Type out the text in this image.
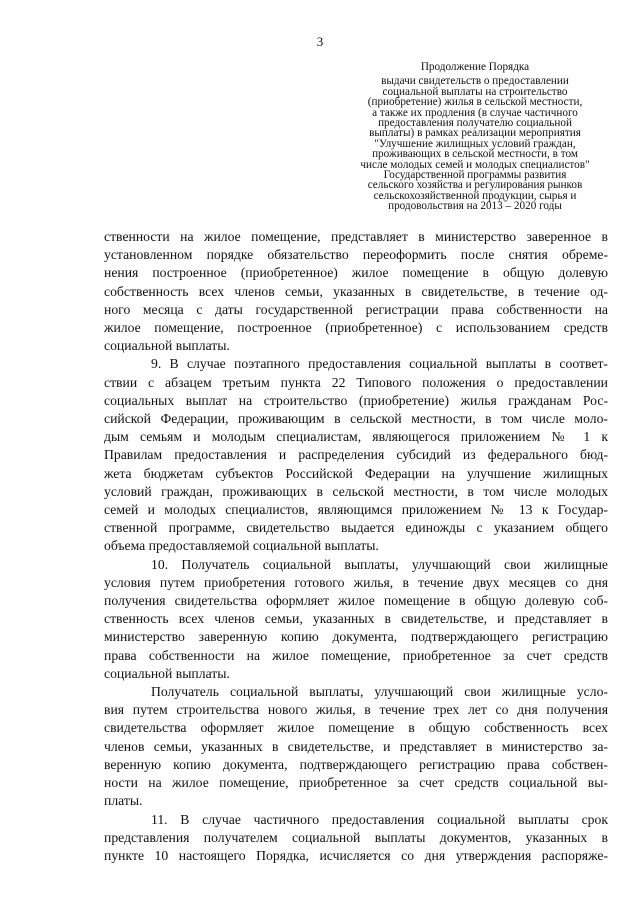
3
Продолжение Порядка
выдачи свидетельств о предоставлении
социальной выплаты на строительство
(приобретение) жилья в сельской местности,
а также их продления (в случае частичного
предоставления получателю социальной
выплаты) в рамках реализации мероприятия
"Улучшение жилищных условий граждан,
проживающих в сельской местности, в том
числе молодых семей и молодых специалистов"
Государственной программы развития
сельского хозяйства и регулирования рынков
сельскохозяйственной продукции, сырья и
продовольствия на 2013 – 2020 годы

ственности на жилое помещение, представляет в министерство заверенное в
установленном порядке обязательство переоформить после снятия обреме-
нения построенное (приобретенное) жилое помещение в общую долевую
собственность всех членов семьи, указанных в свидетельстве, в течение од-
ного месяца с даты государственной регистрации права собственности на
жилое помещение, построенное (приобретенное) с использованием средств
социальной выплаты.

9. В случае поэтапного предоставления социальной выплаты в соответ-
ствии с абзацем третьим пункта 22 Типового положения о предоставлении
социальных выплат на строительство (приобретение) жилья гражданам Рос-
сийской Федерации, проживающим в сельской местности, в том числе моло-
дым семьям и молодым специалистам, являющегося приложением № 1 к
Правилам предоставления и распределения субсидий из федерального бюд-
жета бюджетам субъектов Российской Федерации на улучшение жилищных
условий граждан, проживающих в сельской местности, в том числе молодых
семей и молодых специалистов, являющимся приложением № 13 к Государ-
ственной программе, свидетельство выдается единожды с указанием общего
объема предоставляемой социальной выплаты.

10. Получатель социальной выплаты, улучшающий свои жилищные
условия путем приобретения готового жилья, в течение двух месяцев со дня
получения свидетельства оформляет жилое помещение в общую долевую соб-
ственность всех членов семьи, указанных в свидетельстве, и представляет в
министерство заверенную копию документа, подтверждающего регистрацию
права собственности на жилое помещение, приобретенное за счет средств
социальной выплаты.

Получатель социальной выплаты, улучшающий свои жилищные усло-
вия путем строительства нового жилья, в течение трех лет со дня получения
свидетельства оформляет жилое помещение в общую собственность всех
членов семьи, указанных в свидетельстве, и представляет в министерство за-
веренную копию документа, подтверждающего регистрацию права собствен-
ности на жилое помещение, приобретенное за счет средств социальной вы-
платы.

11. В случае частичного предоставления социальной выплаты срок
представления получателем социальной выплаты документов, указанных в
пункте 10 настоящего Порядка, исчисляется со дня утверждения распоряже-
